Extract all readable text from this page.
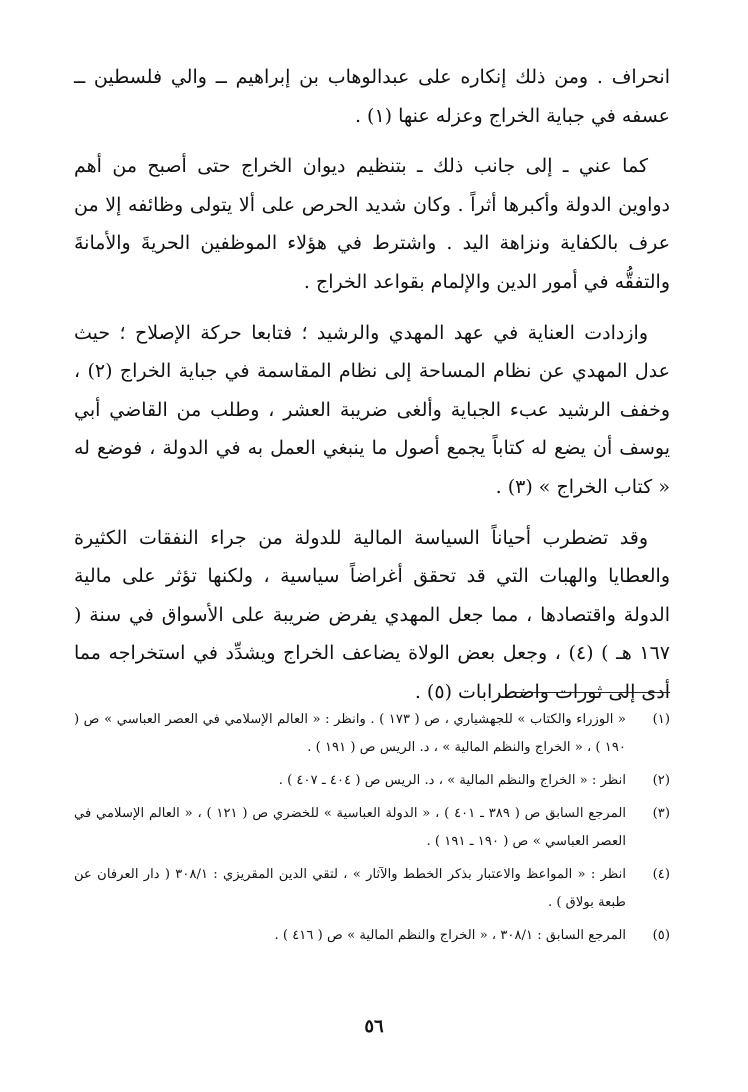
انحراف . ومن ذلك إنكاره على عبدالوهاب بن إبراهيم ــ والي فلسطين ــ عسفه في جباية الخراج وعزله عنها (١) .

كما عني ـ إلى جانب ذلك ـ بتنظيم ديوان الخراج حتى أصبح من أهم دواوين الدولة وأكبرها أثراً . وكان شديد الحرص على ألا يتولى وظائفه إلا من عرف بالكفاية ونزاهة اليد . واشترط في هؤلاء الموظفين الحريةَ والأمانةَ والتفقُّه في أمور الدين والإلمام بقواعد الخراج .

وازدادت العناية في عهد المهدي والرشيد ؛ فتابعا حركة الإصلاح ؛ حيث عدل المهدي عن نظام المساحة إلى نظام المقاسمة في جباية الخراج (٢) ، وخفف الرشيد عبء الجباية وألغى ضريبة العشر ، وطلب من القاضي أبي يوسف أن يضع له كتاباً يجمع أصول ما ينبغي العمل به في الدولة ، فوضع له « كتاب الخراج » (٣) .

وقد تضطرب أحياناً السياسة المالية للدولة من جراء النفقات الكثيرة والعطايا والهبات التي قد تحقق أغراضاً سياسية ، ولكنها تؤثر على مالية الدولة واقتصادها ، مما جعل المهدي يفرض ضريبة على الأسواق في سنة ( ١٦٧ هـ ) (٤) ، وجعل بعض الولاة يضاعف الخراج ويشدِّد في استخراجه مما أدى إلى ثورات واضطرابات (٥) .

(١)
« الوزراء والكتاب » للجهشياري ، ص ( ١٧٣ ) . وانظر : « العالم الإسلامي في العصر العباسي » ص ( ١٩٠ ) ، « الخراج والنظم المالية » ، د. الريس ص ( ١٩١ ) .
(٢)
انظر : « الخراج والنظم المالية » ، د. الريس ص ( ٤٠٤ ـ ٤٠٧ ) .
(٣)
المرجع السابق ص ( ٣٨٩ ـ ٤٠١ ) ، « الدولة العباسية » للخضري ص ( ١٢١ ) ، « العالم الإسلامي في العصر العباسي » ص ( ١٩٠ ـ ١٩١ ) .
(٤)
انظر : « المواعظ والاعتبار بذكر الخطط والآثار » ، لتقي الدين المقريزي : ٣٠٨/١ ( دار العرفان عن طبعة بولاق ) .
(٥)
المرجع السابق : ٣٠٨/١ ، « الخراج والنظم المالية » ص ( ٤١٦ ) .
٥٦
